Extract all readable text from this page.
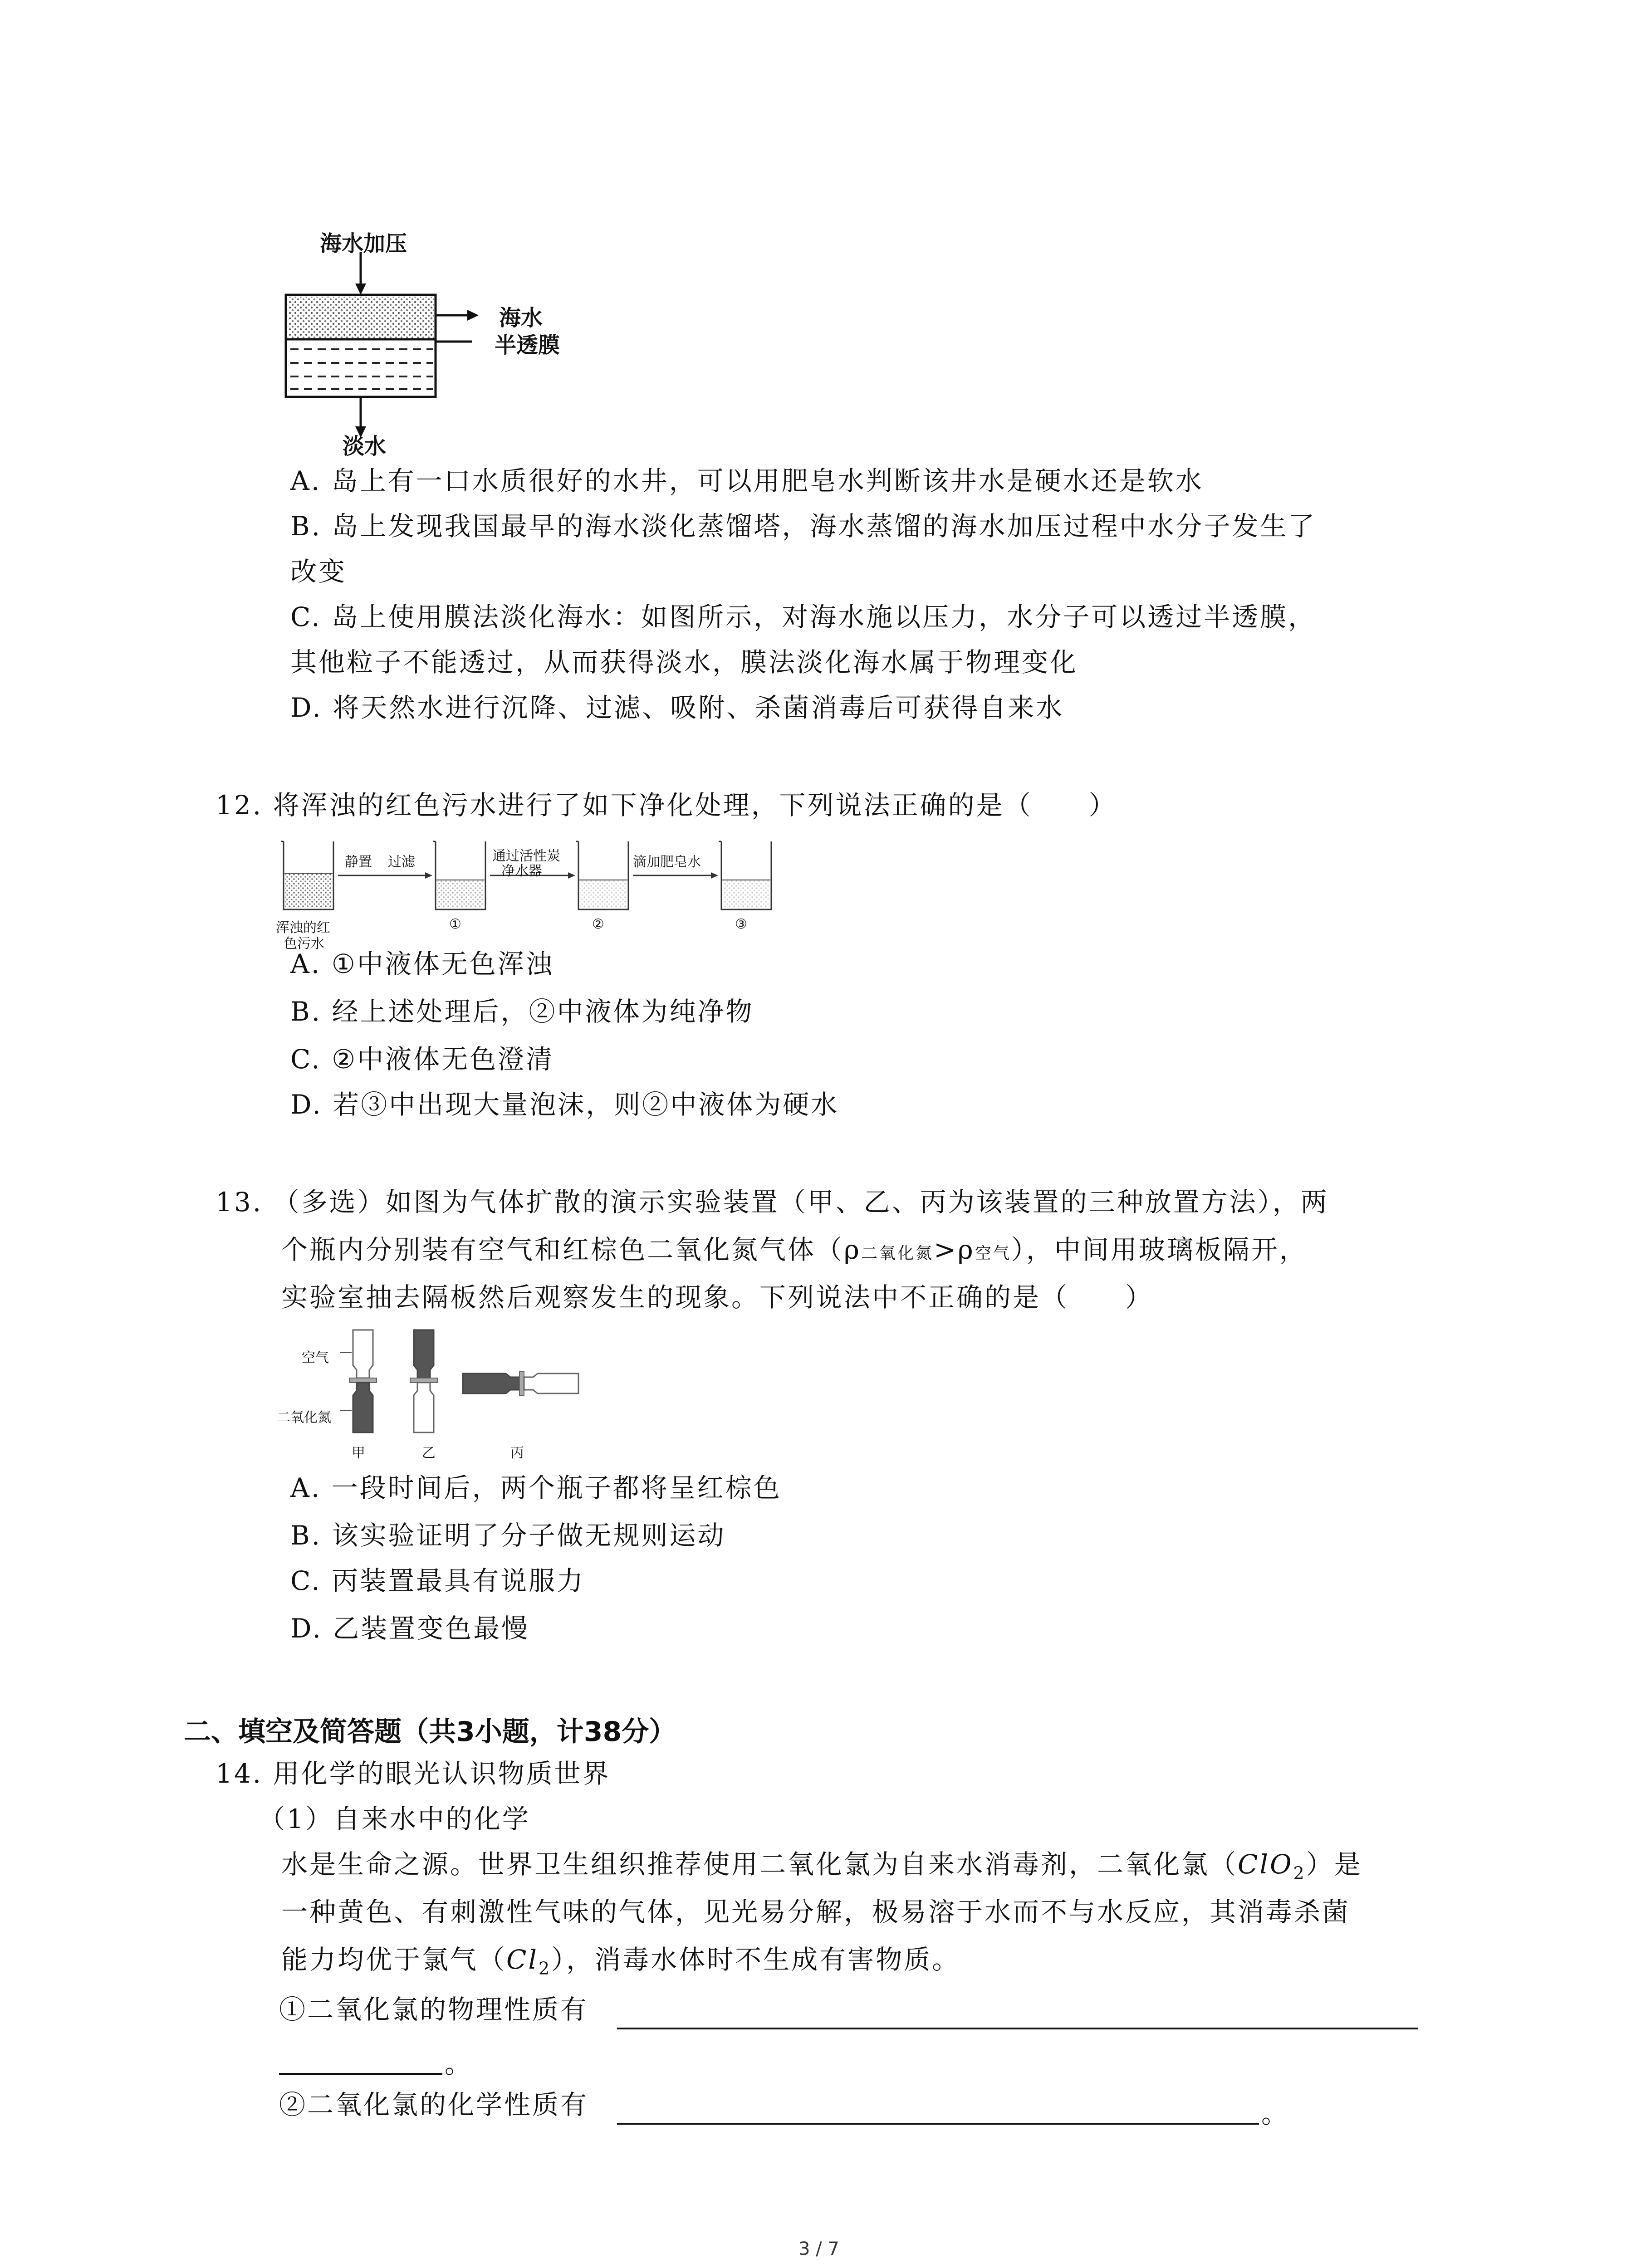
海水加压
海水
半透膜
淡水
A. 岛上有一口水质很好的水井，可以用肥皂水判断该井水是硬水还是软水
B. 岛上发现我国最早的海水淡化蒸馏塔，海水蒸馏的海水加压过程中水分子发生了
改变
C. 岛上使用膜法淡化海水：如图所示，对海水施以压力，水分子可以透过半透膜，
其他粒子不能透过，从而获得淡水，膜法淡化海水属于物理变化
D. 将天然水进行沉降、过滤、吸附、杀菌消毒后可获得自来水
12. 将浑浊的红色污水进行了如下净化处理，下列说法正确的是（　　）
静置 过滤	通过活性炭
净水器
滴加肥皂水
浑浊的红
色污水
①	②	③
A. ①中液体无色浑浊
B. 经上述处理后，②中液体为纯净物
C. ②中液体无色澄清
D. 若③中出现大量泡沫，则②中液体为硬水
13. （多选）如图为气体扩散的演示实验装置（甲、乙、丙为该装置的三种放置方法），两
个瓶内分别装有空气和红棕色二氧化氮气体（ρ二氧化氮>ρ空气），中间用玻璃板隔开，
实验室抽去隔板然后观察发生的现象。下列说法中不正确的是（　　）
空气
二氧化氮
甲	乙	丙
A. 一段时间后，两个瓶子都将呈红棕色
B. 该实验证明了分子做无规则运动
C. 丙装置最具有说服力
D. 乙装置变色最慢
二、填空及简答题（共3小题，计38分）
14. 用化学的眼光认识物质世界
（1）自来水中的化学
水是生命之源。世界卫生组织推荐使用二氧化氯为自来水消毒剂，二氧化氯（ClO$_2$）是
一种黄色、有刺激性气味的气体，见光易分解，极易溶于水而不与水反应，其消毒杀菌
能力均优于氯气$(Cl_2)$，消毒水体时不生成有害物质。
①二氧化氯的物理性质有
。
②二氧化氯的化学性质有	。
3 / 7
